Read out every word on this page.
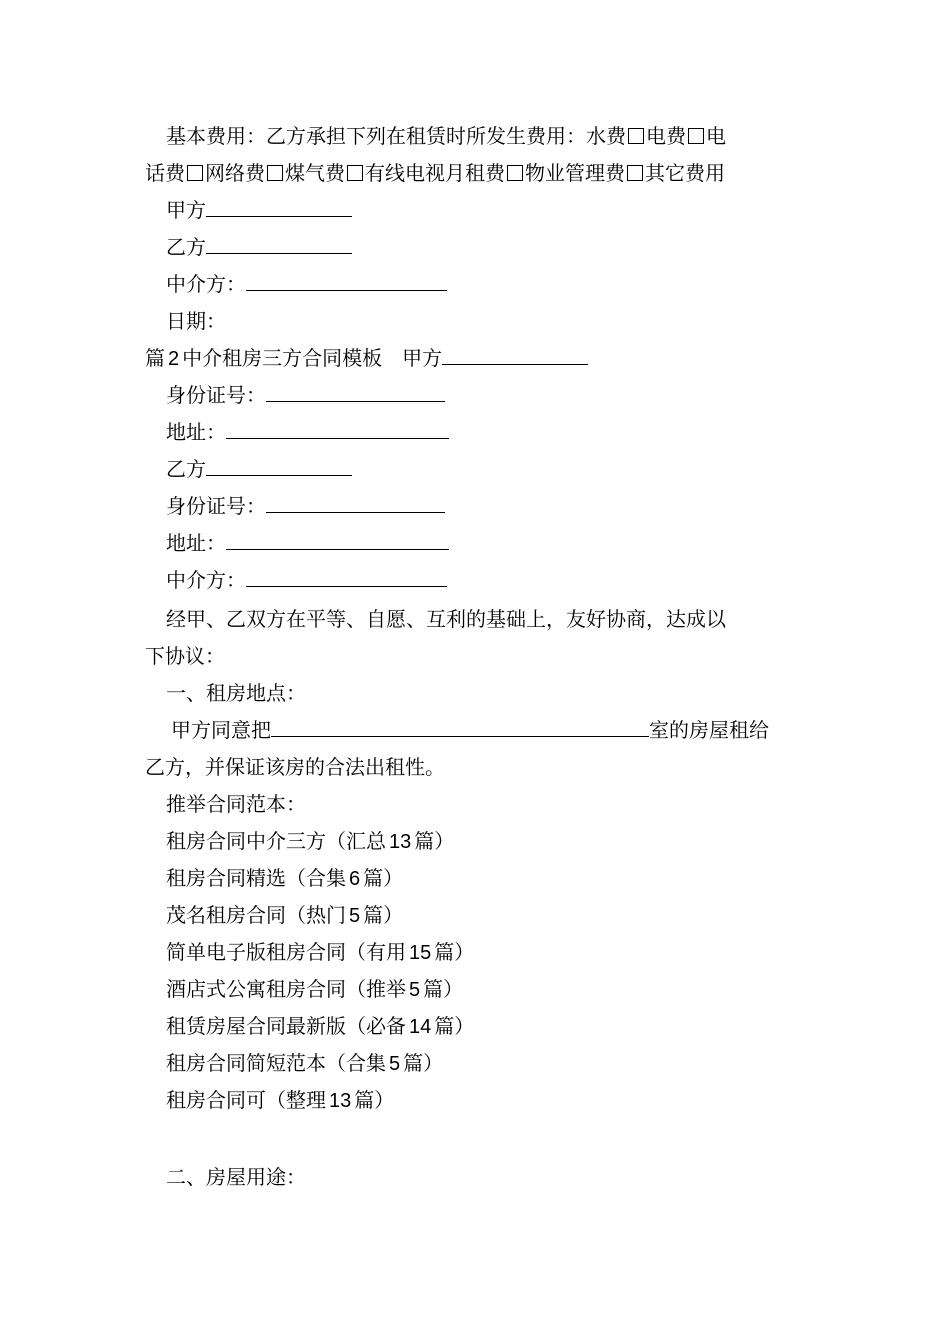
基本费用：乙方承担下列在租赁时所发生费用：水费 电费 电
话费 网络费 煤气费 有线电视月租费 物业管理费 其它费用
甲方
乙方
中介方：
日期：
篇 2 中介租房三方合同模板 甲方
身份证号：
地址：
乙方
身份证号：
地址：
中介方：
经甲、乙双方在平等、自愿、互利的基础上，友好协商，达成以
下协议：
一、租房地点：
甲方同意把	室的房屋租给
乙方，并保证该房的合法出租性。
推举合同范本：
租房合同中介三方（汇总 13 篇）
租房合同精选（合集 6 篇）
茂名租房合同（热门 5 篇）
简单电子版租房合同（有用 15 篇）
酒店式公寓租房合同（推举 5 篇）
租赁房屋合同最新版（必备 14 篇）
租房合同简短范本（合集 5 篇）
租房合同可（整理 13 篇）
二、房屋用途：
